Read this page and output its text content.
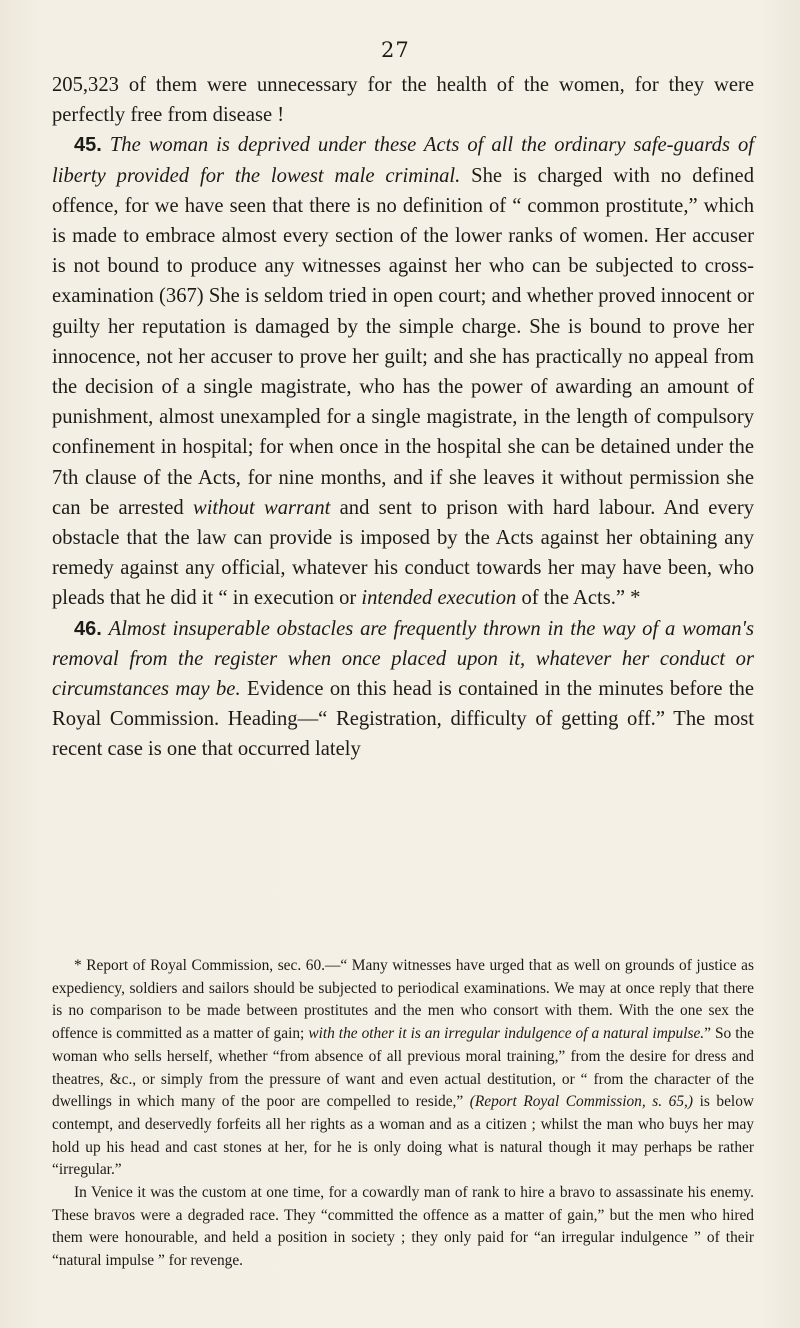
27

205,323 of them were unnecessary for the health of the women, for they were perfectly free from disease !

45. The woman is deprived under these Acts of all the ordinary safe-guards of liberty provided for the lowest male criminal. She is charged with no defined offence, for we have seen that there is no definition of “ common prostitute,” which is made to embrace almost every section of the lower ranks of women. Her accuser is not bound to produce any witnesses against her who can be subjected to cross-examination (367) She is seldom tried in open court; and whether proved innocent or guilty her reputation is damaged by the simple charge. She is bound to prove her innocence, not her accuser to prove her guilt; and she has practically no appeal from the decision of a single magistrate, who has the power of awarding an amount of punishment, almost unexampled for a single magistrate, in the length of compulsory confinement in hospital; for when once in the hospital she can be detained under the 7th clause of the Acts, for nine months, and if she leaves it without permission she can be arrested without warrant and sent to prison with hard labour. And every obstacle that the law can provide is imposed by the Acts against her obtaining any remedy against any official, whatever his conduct towards her may have been, who pleads that he did it “ in execution or intended execution of the Acts.” *

46. Almost insuperable obstacles are frequently thrown in the way of a woman's removal from the register when once placed upon it, whatever her conduct or circumstances may be. Evidence on this head is contained in the minutes before the Royal Commission. Heading—“ Registration, difficulty of getting off.” The most recent case is one that occurred lately

* Report of Royal Commission, sec. 60.—“ Many witnesses have urged that as well on grounds of justice as expediency, soldiers and sailors should be subjected to periodical examinations. We may at once reply that there is no comparison to be made between prostitutes and the men who consort with them. With the one sex the offence is committed as a matter of gain; with the other it is an irregular indulgence of a natural impulse.” So the woman who sells herself, whether “from absence of all previous moral training,” from the desire for dress and theatres, &c., or simply from the pressure of want and even actual destitution, or “ from the character of the dwellings in which many of the poor are compelled to reside,” (Report Royal Commission, s. 65,) is below contempt, and deservedly forfeits all her rights as a woman and as a citizen ; whilst the man who buys her may hold up his head and cast stones at her, for he is only doing what is natural though it may perhaps be rather “irregular.”

In Venice it was the custom at one time, for a cowardly man of rank to hire a bravo to assassinate his enemy. These bravos were a degraded race. They “committed the offence as a matter of gain,” but the men who hired them were honourable, and held a position in society ; they only paid for “an irregular indulgence ” of their “natural impulse ” for revenge.
